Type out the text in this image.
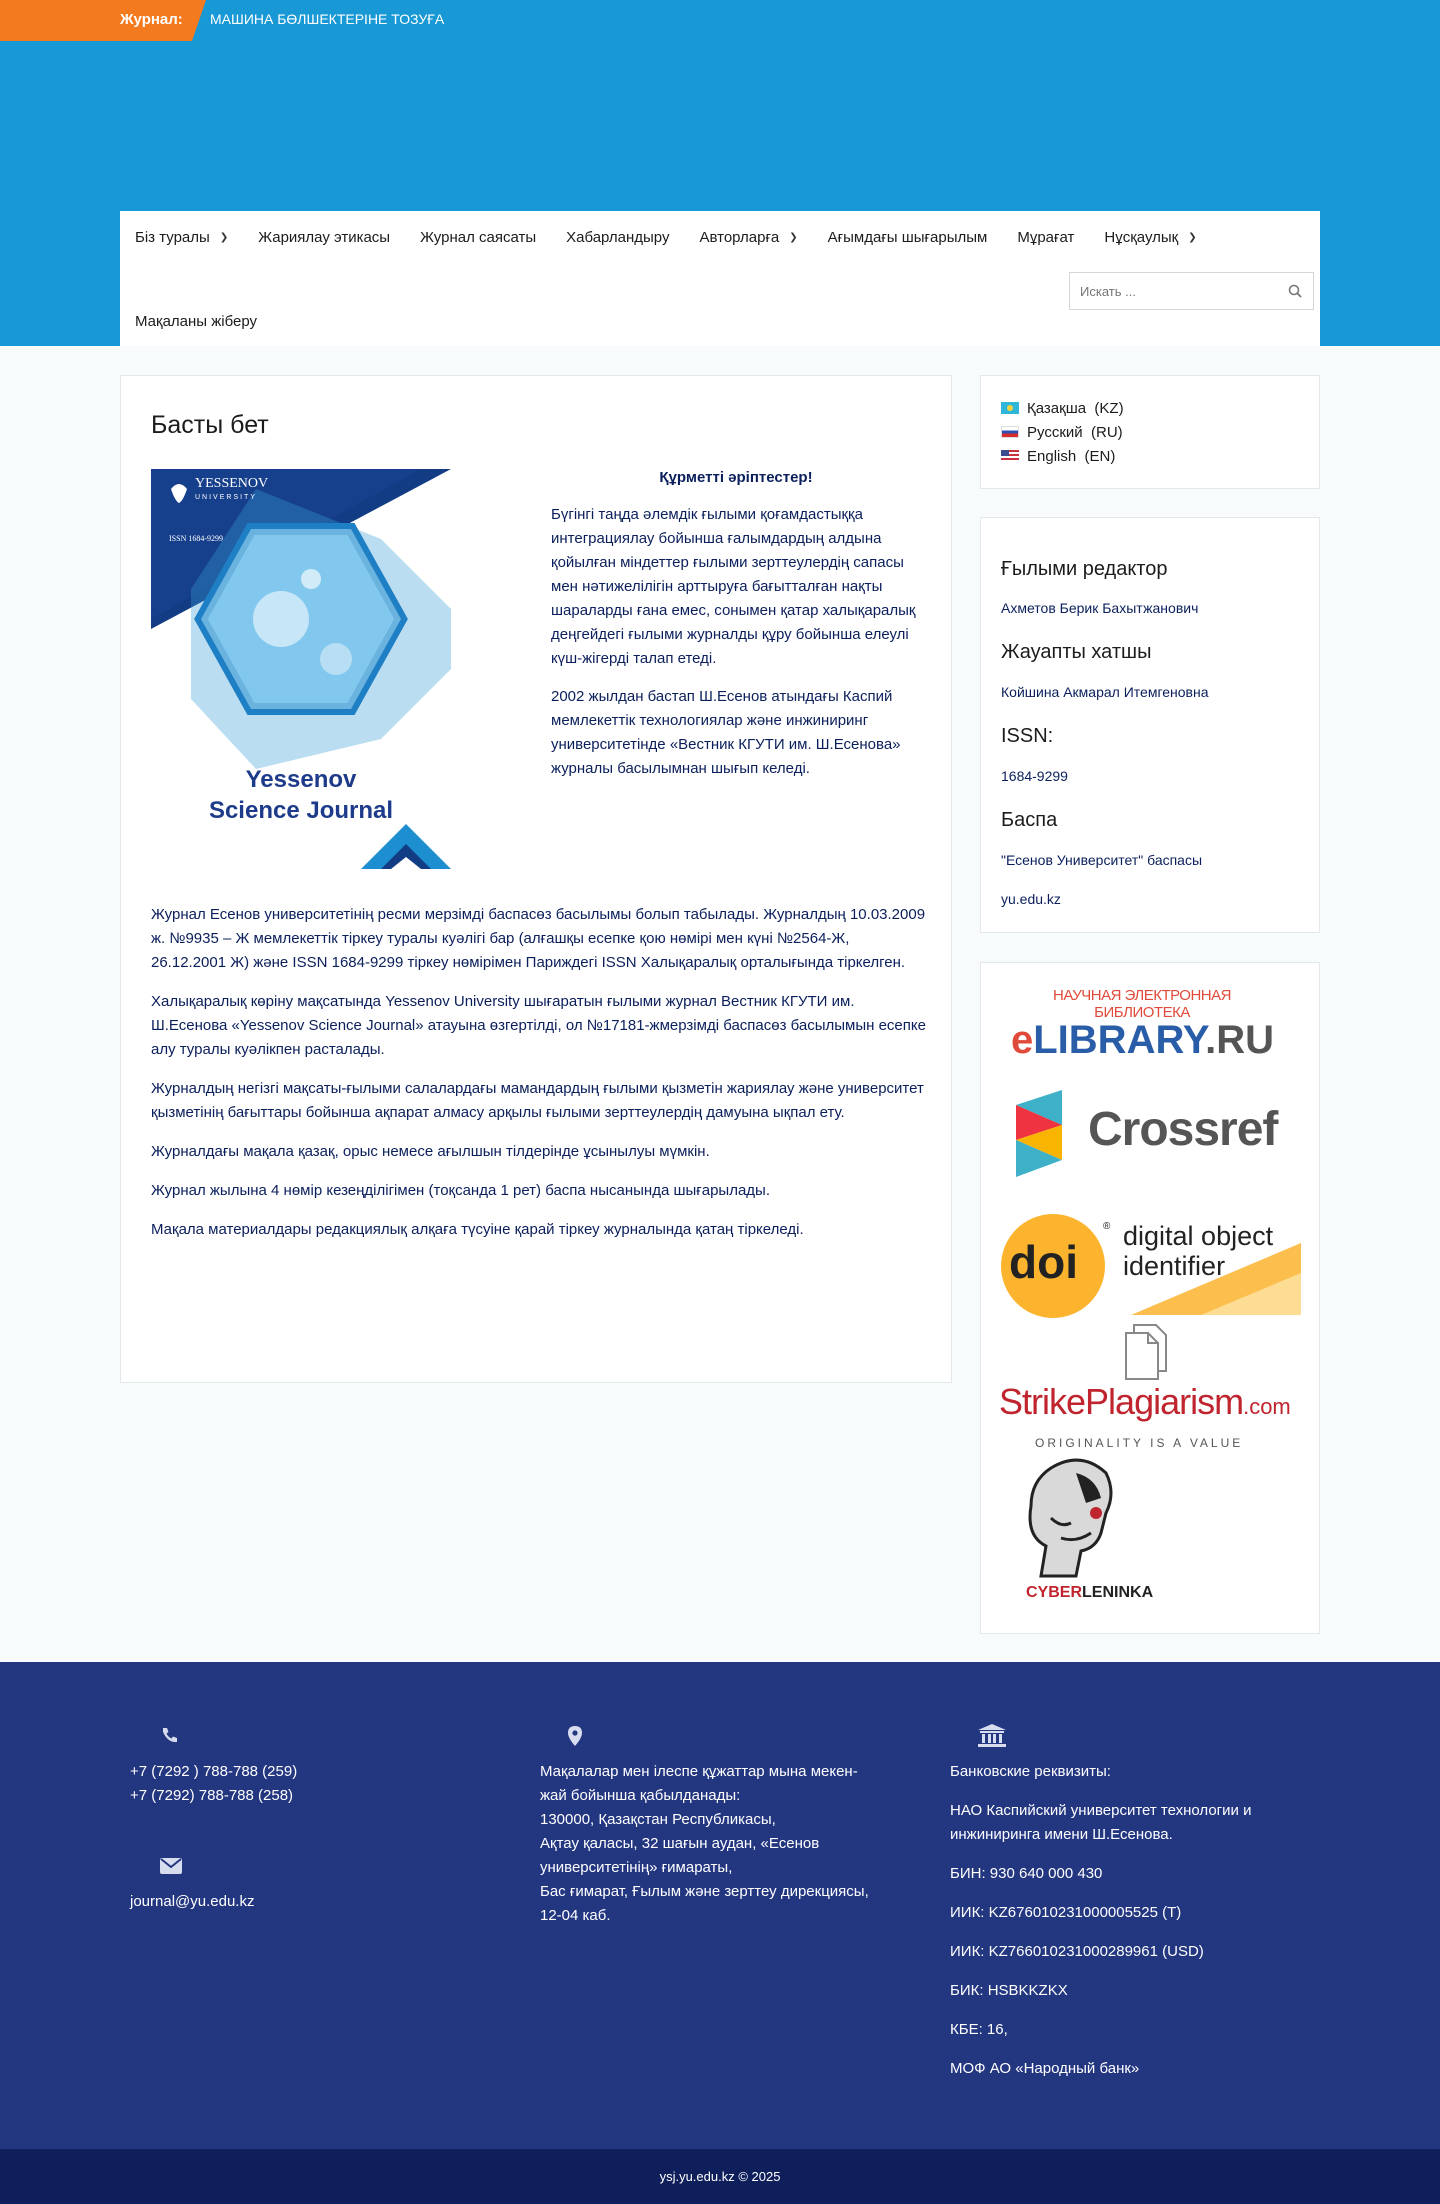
Журнал: МАШИНА БӨЛШЕКТЕРІНЕ ТОЗУҒА
Біз туралы ❯ Жариялау этикасы Журнал саясаты Хабарландыру Авторларға ❯ Ағымдағы шығарылым Мұрағат Нұсқаулық ❯
Мақаланы жіберу
Искать ...
Басты бет
YESSENOV
UNIVERSITY
ISSN 1684-9299
Yessenov
Science Journal
Құрметті әріптестер!

Бүгінгі таңда әлемдік ғылыми қоғамдастыққа интеграциялау бойынша ғалымдардың алдына қойылған міндеттер ғылыми зерттеулердің сапасы мен нәтижелілігін арттыруға бағытталған нақты шараларды ғана емес, сонымен қатар халықаралық деңгейдегі ғылыми журналды құру бойынша елеулі күш-жігерді талап етеді.

2002 жылдан бастап Ш.Есенов атындағы Каспий мемлекеттік технологиялар және инжиниринг университетінде «Вестник КГУТИ им. Ш.Есенова» журналы басылымнан шығып келеді.

Журнал Есенов университетінің ресми мерзімді баспасөз басылымы болып табылады. Журналдың 10.03.2009 ж. №9935 – Ж мемлекеттік тіркеу туралы куәлігі бар (алғашқы есепке қою нөмірі мен күні №2564-Ж, 26.12.2001 Ж) және ISSN 1684-9299 тіркеу нөмірімен Париждегі ISSN Халықаралық орталығында тіркелген.

Халықаралық көріну мақсатында Yessenov University шығаратын ғылыми журнал Вестник КГУТИ им. Ш.Есенова «Yessenov Science Journal» атауына өзгертілді, ол №17181-жмерзімді баспасөз басылымын есепке алу туралы куәлікпен расталады.

Журналдың негізгі мақсаты-ғылыми салалардағы мамандардың ғылыми қызметін жариялау және университет қызметінің бағыттары бойынша ақпарат алмасу арқылы ғылыми зерттеулердің дамуына ықпал ету.

Журналдағы мақала қазақ, орыс немесе ағылшын тілдерінде ұсынылуы мүмкін.

Журнал жылына 4 нөмір кезеңділігімен (тоқсанда 1 рет) баспа нысанында шығарылады.

Мақала материалдары редакциялық алқаға түсуіне қарай тіркеу журналында қатаң тіркеледі.

Қазақша
(KZ)
Русский
(RU)
English
(EN)
Ғылыми редактор
Ахметов Берик Бахытжанович
Жауапты хатшы
Койшина Акмарал Итемгеновна
ISSN:
1684-9299
Баспа
"Есенов Университет" баспасы
yu.edu.kz
НАУЧНАЯ ЭЛЕКТРОННАЯ БИБЛИОТЕКА
eLIBRARY.RU
Crossref
doi
® digital object
identifier
StrikePlagiarism.com
ORIGINALITY IS A VALUE
CYBERLENINKA

+7 (7292 ) 788-788 (259)

+7 (7292) 788-788 (258)

journal@yu.edu.kz

Мақалалар мен ілеспе құжаттар мына мекен-

жай бойынша қабылданады:

130000, Қазақстан Республикасы,

Ақтау қаласы, 32 шағын аудан, «Есенов

университетінің» ғимараты,

Бас ғимарат, Ғылым және зерттеу дирекциясы,

12-04 каб.

Банковские реквизиты:

НАО Каспийский университет технологии и

инжиниринга имени Ш.Есенова.

БИН: 930 640 000 430

ИИК: KZ676010231000005525 (Т)

ИИК: KZ766010231000289961 (USD)

БИК: HSBKKZKX

КБЕ: 16,

МОФ АО «Народный банк»

ysj.yu.edu.kz © 2025
